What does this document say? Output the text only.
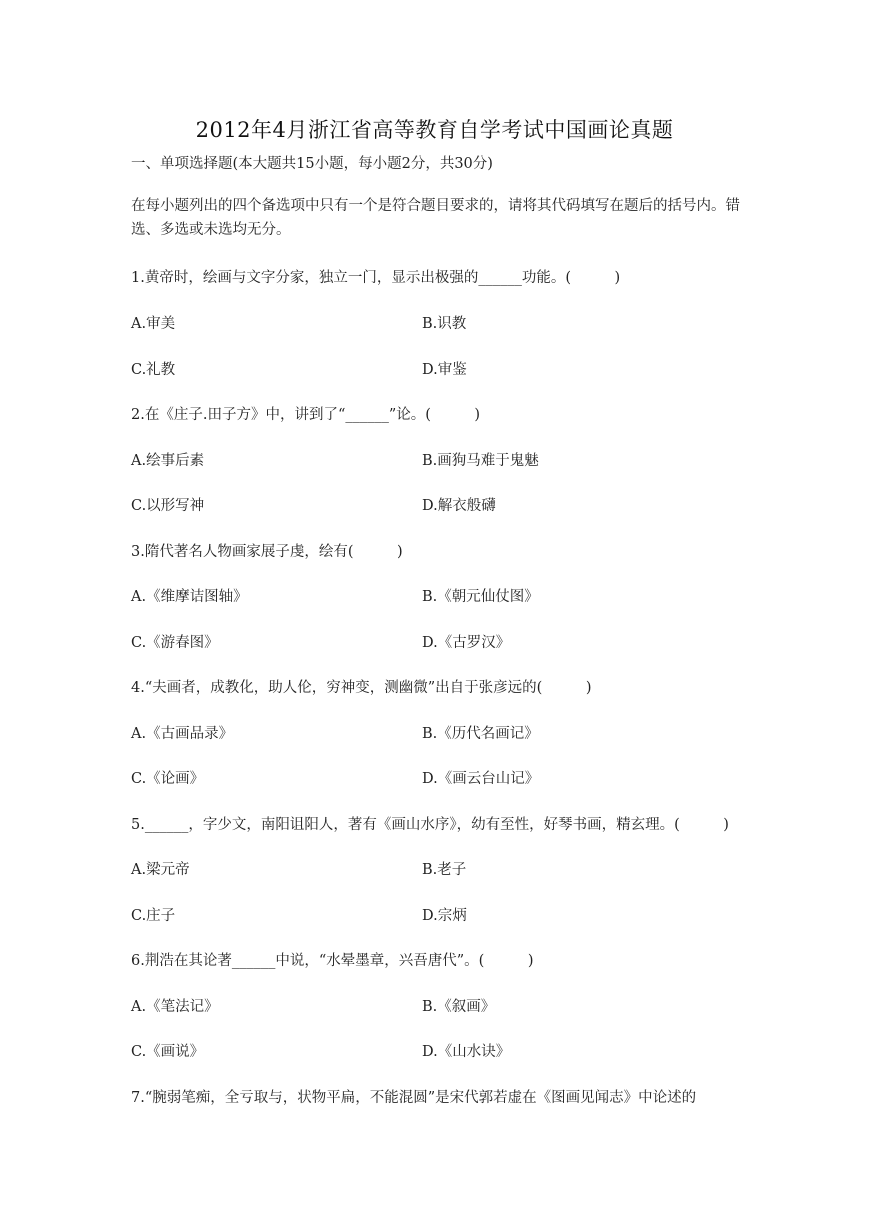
2012年4月浙江省高等教育自学考试中国画论真题
一、单项选择题(本大题共15小题，每小题2分，共30分)
在每小题列出的四个备选项中只有一个是符合题目要求的，请将其代码填写在题后的括号内。错选、多选或未选均无分。
1.黄帝时，绘画与文字分家，独立一门，显示出极强的______功能。(　　　)
A.审美	B.识教
C.礼教	D.审鉴
2.在《庄子.田子方》中，讲到了“______”论。(　　　)
A.绘事后素	B.画狗马难于鬼魅
C.以形写神	D.解衣般礴
3.隋代著名人物画家展子虔，绘有(　　　)
A.《维摩诘图轴》	B.《朝元仙仗图》
C.《游春图》	D.《古罗汉》
4.“夫画者，成教化，助人伦，穷神变，测幽微”出自于张彦远的(　　　)
A.《古画品录》	B.《历代名画记》
C.《论画》	D.《画云台山记》
5.______，字少文，南阳诅阳人，著有《画山水序》，幼有至性，好琴书画，精玄理。(　　　)
A.梁元帝	B.老子
C.庄子	D.宗炳
6.荆浩在其论著______中说，“水晕墨章，兴吾唐代”。(　　　)
A.《笔法记》	B.《叙画》
C.《画说》	D.《山水诀》
7.“腕弱笔痴，全亏取与，状物平扁，不能混圆”是宋代郭若虚在《图画见闻志》中论述的
